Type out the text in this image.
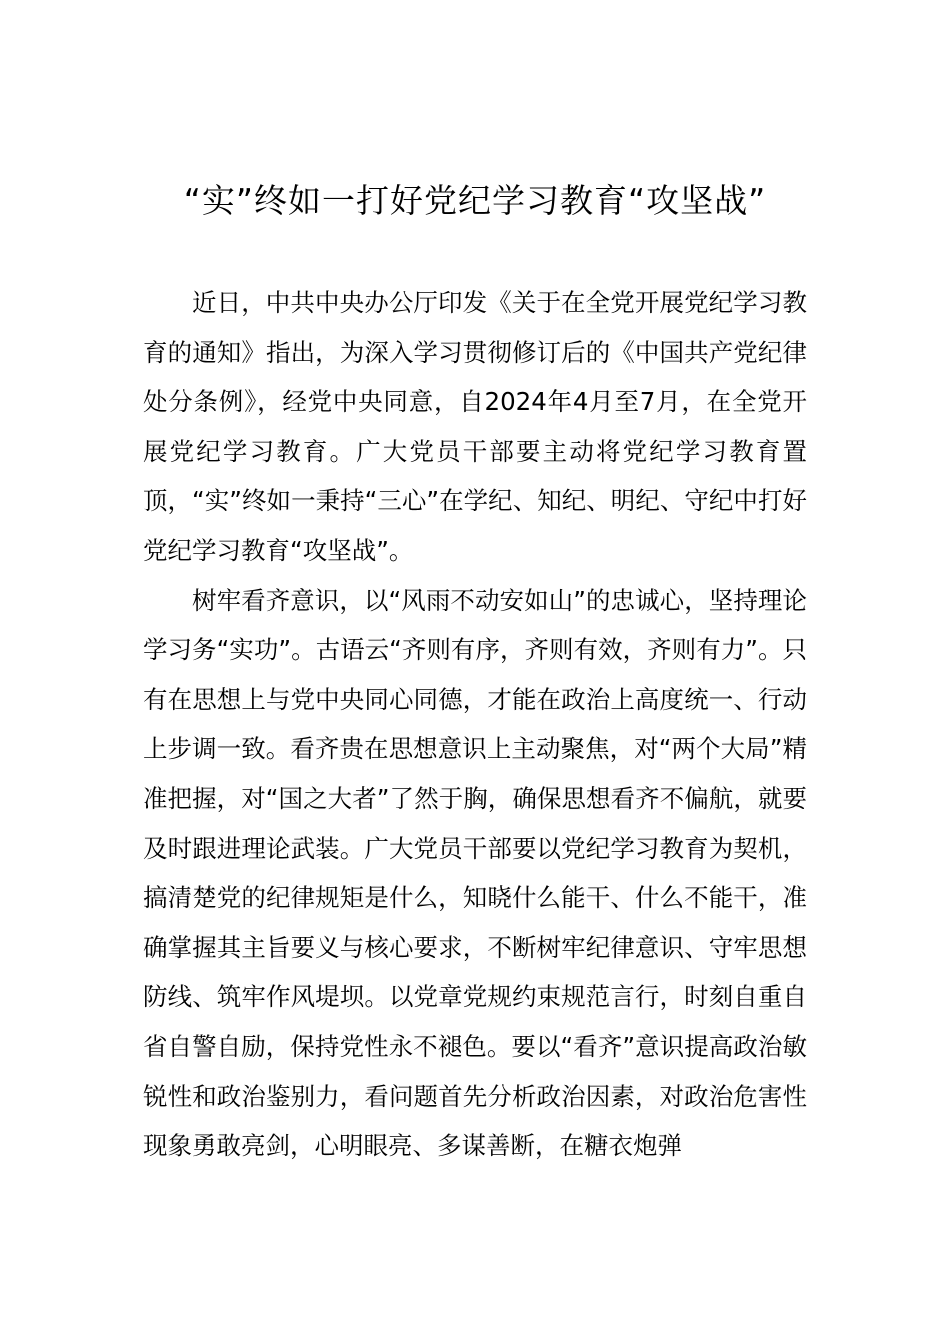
“实”终如一打好党纪学习教育“攻坚战”

近日，中共中央办公厅印发《关于在全党开展党纪学习教育的通知》指出，为深入学习贯彻修订后的《中国共产党纪律处分条例》，经党中央同意，自2024年4月至7月，在全党开展党纪学习教育。广大党员干部要主动将党纪学习教育置顶，“实”终如一秉持“三心”在学纪、知纪、明纪、守纪中打好党纪学习教育“攻坚战”。

树牢看齐意识，以“风雨不动安如山”的忠诚心，坚持理论学习务“实功”。古语云“齐则有序，齐则有效，齐则有力”。只有在思想上与党中央同心同德，才能在政治上高度统一、行动上步调一致。看齐贵在思想意识上主动聚焦，对“两个大局”精准把握，对“国之大者”了然于胸，确保思想看齐不偏航，就要及时跟进理论武装。广大党员干部要以党纪学习教育为契机，搞清楚党的纪律规矩是什么，知晓什么能干、什么不能干，准确掌握其主旨要义与核心要求，不断树牢纪律意识、守牢思想防线、筑牢作风堤坝。以党章党规约束规范言行，时刻自重自省自警自励，保持党性永不褪色。要以“看齐”意识提高政治敏锐性和政治鉴别力，看问题首先分析政治因素，对政治危害性现象勇敢亮剑，心明眼亮、多谋善断，在糖衣炮弹
